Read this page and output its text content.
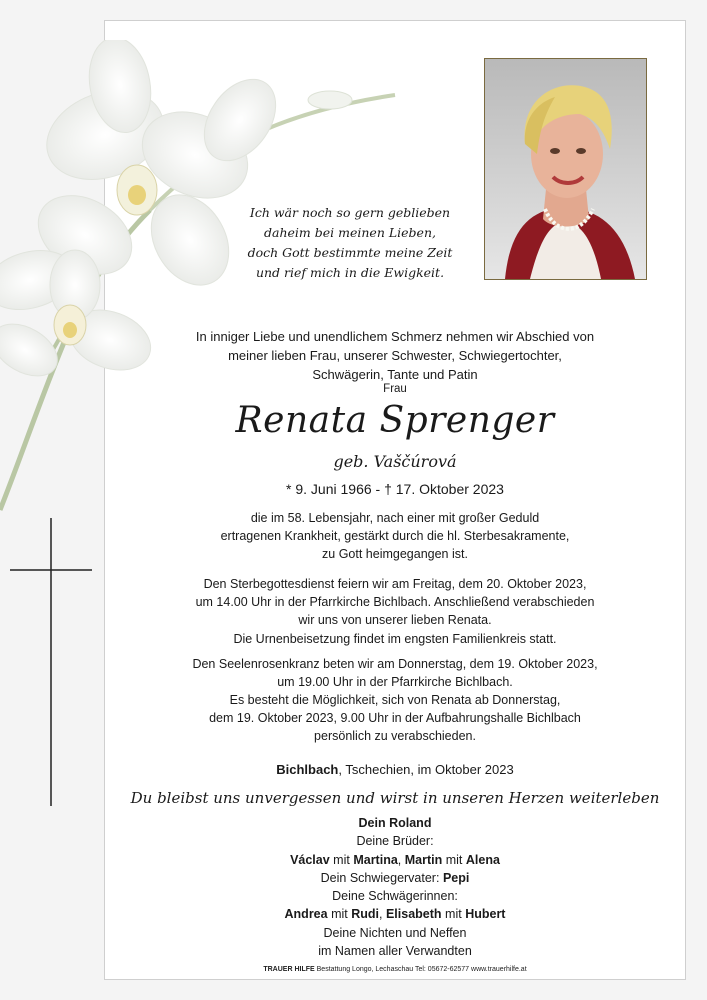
Ich wär noch so gern geblieben
daheim bei meinen Lieben,
doch Gott bestimmte meine Zeit
und rief mich in die Ewigkeit.
In inniger Liebe und unendlichem Schmerz nehmen wir Abschied von
meiner lieben Frau, unserer Schwester, Schwiegertochter,
Schwägerin, Tante und Patin
Frau
Renata Sprenger
geb. Vaščúrová
* 9. Juni 1966 - † 17. Oktober 2023
die im 58. Lebensjahr, nach einer mit großer Geduld
ertragenen Krankheit, gestärkt durch die hl. Sterbesakramente,
zu Gott heimgegangen ist.
Den Sterbegottesdienst feiern wir am Freitag, dem 20. Oktober 2023,
um 14.00 Uhr in der Pfarrkirche Bichlbach. Anschließend verabschieden
wir uns von unserer lieben Renata.
Die Urnenbeisetzung findet im engsten Familienkreis statt.
Den Seelenrosenkranz beten wir am Donnerstag, dem 19. Oktober 2023,
um 19.00 Uhr in der Pfarrkirche Bichlbach.
Es besteht die Möglichkeit, sich von Renata ab Donnerstag,
dem 19. Oktober 2023, 9.00 Uhr in der Aufbahrungshalle Bichlbach
persönlich zu verabschieden.
Bichlbach, Tschechien, im Oktober 2023
Du bleibst uns unvergessen und wirst in unseren Herzen weiterleben
Dein Roland
Deine Brüder:
Václav mit Martina, Martin mit Alena
Dein Schwiegervater: Pepi
Deine Schwägerinnen:
Andrea mit Rudi, Elisabeth mit Hubert
Deine Nichten und Neffen
im Namen aller Verwandten
TRAUER HILFE Bestattung Longo, Lechaschau Tel: 05672-62577 www.trauerhilfe.at
